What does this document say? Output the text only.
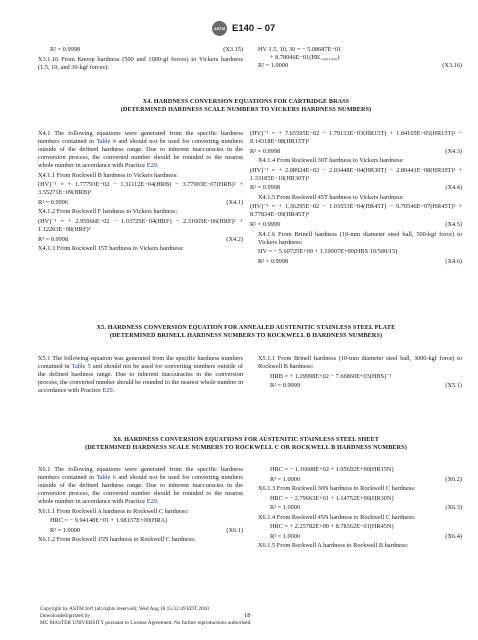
ASTM E140 – 07
R² = 0.9998	(X3.15)

X3.1.16 From Knoop hardness (500 and 1000-gf forces) to Vickers hardness (1.5, 10, and 30-kgf forces):

HV 1.5, 10, 30 = − 5.08687E−01
+ 8.78046E−01(HK₅₀₀,₁₀₀₀)
R² = 1.0000	(X3.16)
X4. HARDNESS CONVERSION EQUATIONS FOR CARTRIDGE BRASS
(DETERMINED HARDNESS SCALE NUMBERS TO VICKERS HARDNESS NUMBERS)

X4.1 The following equations were generated from the specific hardness numbers contained in Table 4 and should not be used for converting numbers outside of the defined hardness range. Due to inherent inaccuracies in the conversion process, the converted number should be rounded to the nearest whole number in accordance with Practice E29.

X4.1.1 From Rockwell B hardness to Vickers hardness:

(HV)⁻¹ = + 1.77793E−02 − 1.31112E−04(HRB) − 3.77903E−07(HRB)² + 3.55271E−09(HRB)³

R² = 0.9996	(X4.1)

X4.1.2 From Rockwell F hardness to Vickers hardness:

(HV)⁻¹ = + 2.95966E−02 − 1.03725E−04(HRF) − 2.31669E−06(HRF)² + 1.12203E−08(HRF)³

R² = 0.9998	(X4.2)

X4.1.3 From Rockwell 15T hardness to Vickers hardness:

(HV)⁻¹ = + 7.65595E−02 − 1.79133E−03(HR15T) + 1.84105E−05(HR15T)² − 8.14318E−08(HR15T)³

R² = 0.9998	(X4.3)

X4.1.4 From Rockwell 30T hardness to Vickers hardness:

(HV)⁻¹ = + 2.08924E−02 − 2.03448E−04(HR30T) − 2.80441E−08(HR30T)² + 1.33185E−10(HR30T)³

R² = 0.9998	(X4.4)

X4.1.5 From Rockwell 45T hardness to Vickers hardness:

(HV)⁻¹ = + 1.36295E−02 − 1.03553E−04(HR45T) − 9.70546E−07(HR45T)² + 8.77834E−09(HR45T)³

R² = 0.9999	(X4.5)

X4.1.6 From Brinell hardness (10-mm diameter steel ball, 500-kgf force) to Vickers hardness:

HV = − 5.60725E+00 + 1.19007E+00(HBS 10/500/15)

R² = 0.9998	(X4.6)
X5. HARDNESS CONVERSION EQUATION FOR ANNEALED AUSTENITIC STAINLESS STEEL PLATE
(DETERMINED BRINELL HARDNESS NUMBERS TO ROCKWELL B HARDNESS NUMBERS)

X5.1 The following equation was generated from the specific hardness numbers contained in Table 5 and should not be used for converting numbers outside of the defined hardness range. Due to inherent inaccuracies in the conversion process, the converted number should be rounded to the nearest whole number in accordance with Practice E29.

X5.1.1 From Brinell hardness (10-mm diameter steel ball, 3000-kgf force) to Rockwell B hardness:

HRB = + 1.29998E+02 − 7.66860E+03(HBS)⁻¹

R² = 0.9999	(X5.1)
X6. HARDNESS CONVERSION EQUATIONS FOR AUSTENITIC STAINLESS STEEL SHEET
(DETERMINED HARDNESS SCALE NUMBERS TO ROCKWELL C OR ROCKWELL B HARDNESS NUMBERS)

X6.1 The following equations were generated from the specific hardness numbers contained in Table 6 and should not be used for converting numbers outside of the defined hardness range. Due to inherent inaccuracies in the conversion process, the converted number should be rounded to the nearest whole number in accordance with Practice E29.

X6.1.1 From Rockwell A hardness to Rockwell C hardness:

HRC = − 9.94148E+01 + 1.98137E+00(HRA)

R² = 1.0000	(X6.1)

X6.1.2 From Rockwell 15N hardness to Rockwell C hardness:

HRC = − 1.16608E+02 + 1.95692E+00(HR15N)

R² = 1.0000	(X6.2)

X6.1.3 From Rockwell 30N hardness to Rockwell C hardness:

HRC = − 2.79663E+01 + 1.14752E+00(HR30N)

R² = 1.0000	(X6.3)

X6.1.4 From Rockwell 45N hardness to Rockwell C hardness:

HRC = + 2.25782E+00 + 8.78362E−01(HR45N)

R² = 1.0000	(X6.4)

X6.1.5 From Rockwell A hardness to Rockwell B hardness:

Copyright by ASTM Int'l (all rights reserved); Wed Aug 18 15:32:49 EDT 2010
Downloaded/printed by
MC MASTER UNIVERSITY pursuant to License Agreement. No further reproductions authorized.
18
